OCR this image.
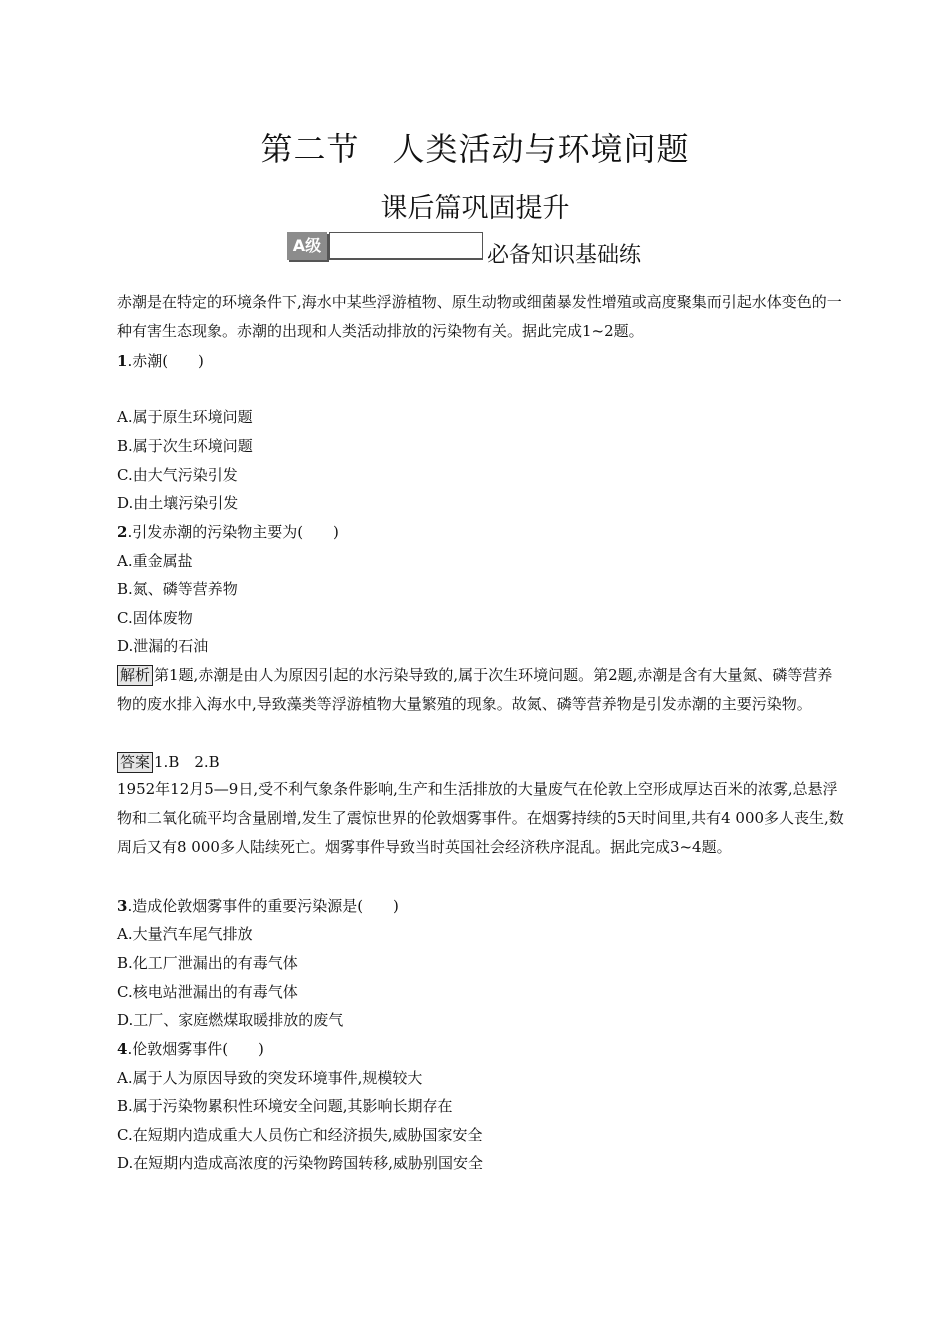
第二节　人类活动与环境问题
课后篇巩固提升
A级	必备知识基础练

赤潮是在特定的环境条件下,海水中某些浮游植物、原生动物或细菌暴发性增殖或高度聚集而引起水体变色的一种有害生态现象。赤潮的出现和人类活动排放的污染物有关。据此完成1~2题。

1.赤潮(　　)
A.属于原生环境问题
B.属于次生环境问题
C.由大气污染引发
D.由土壤污染引发
2.引发赤潮的污染物主要为(　　)
A.重金属盐
B.氮、磷等营养物
C.固体废物
D.泄漏的石油

解析 第1题,赤潮是由人为原因引起的水污染导致的,属于次生环境问题。第2题,赤潮是含有大量氮、磷等营养物的废水排入海水中,导致藻类等浮游植物大量繁殖的现象。故氮、磷等营养物是引发赤潮的主要污染物。

答案 1.B　2.B

1952年12月5—9日,受不利气象条件影响,生产和生活排放的大量废气在伦敦上空形成厚达百米的浓雾,总悬浮物和二氧化硫平均含量剧增,发生了震惊世界的伦敦烟雾事件。在烟雾持续的5天时间里,共有4 000多人丧生,数周后又有8 000多人陆续死亡。烟雾事件导致当时英国社会经济秩序混乱。据此完成3~4题。

3.造成伦敦烟雾事件的重要污染源是(　　)
A.大量汽车尾气排放
B.化工厂泄漏出的有毒气体
C.核电站泄漏出的有毒气体
D.工厂、家庭燃煤取暖排放的废气
4.伦敦烟雾事件(　　)
A.属于人为原因导致的突发环境事件,规模较大
B.属于污染物累积性环境安全问题,其影响长期存在
C.在短期内造成重大人员伤亡和经济损失,威胁国家安全
D.在短期内造成高浓度的污染物跨国转移,威胁别国安全
